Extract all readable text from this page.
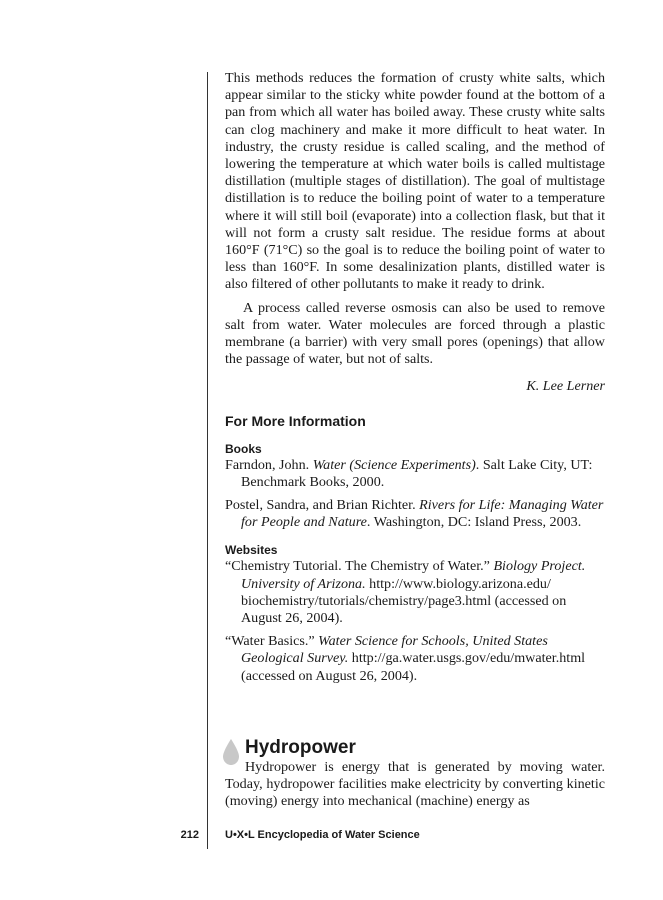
This methods reduces the formation of crusty white salts, which appear similar to the sticky white powder found at the bottom of a pan from which all water has boiled away. These crusty white salts can clog machinery and make it more difficult to heat water. In industry, the crusty residue is called scaling, and the method of lowering the temperature at which water boils is called multistage distillation (multiple stages of distillation). The goal of multistage distillation is to reduce the boiling point of water to a temperature where it will still boil (evaporate) into a collection flask, but that it will not form a crusty salt residue. The residue forms at about 160°F (71°C) so the goal is to reduce the boiling point of water to less than 160°F. In some desalinization plants, distilled water is also filtered of other pollutants to make it ready to drink.

A process called reverse osmosis can also be used to remove salt from water. Water molecules are forced through a plastic membrane (a barrier) with very small pores (openings) that allow the passage of water, but not of salts.

K. Lee Lerner

For More Information
Books

Farndon, John. Water (Science Experiments). Salt Lake City, UT: Benchmark Books, 2000.

Postel, Sandra, and Brian Richter. Rivers for Life: Managing Water for People and Nature. Washington, DC: Island Press, 2003.

Websites

“Chemistry Tutorial. The Chemistry of Water.” Biology Project. University of Arizona. http://www.biology.arizona.edu/ biochemistry/tutorials/chemistry/page3.html (accessed on August 26, 2004).

“Water Basics.” Water Science for Schools, United States Geological Survey. http://ga.water.usgs.gov/edu/mwater.html (accessed on August 26, 2004).

Hydropower

Hydropower is energy that is generated by moving water. Today, hydropower facilities make electricity by converting kinetic (moving) energy into mechanical (machine) energy as

212 U•X•L Encyclopedia of Water Science
